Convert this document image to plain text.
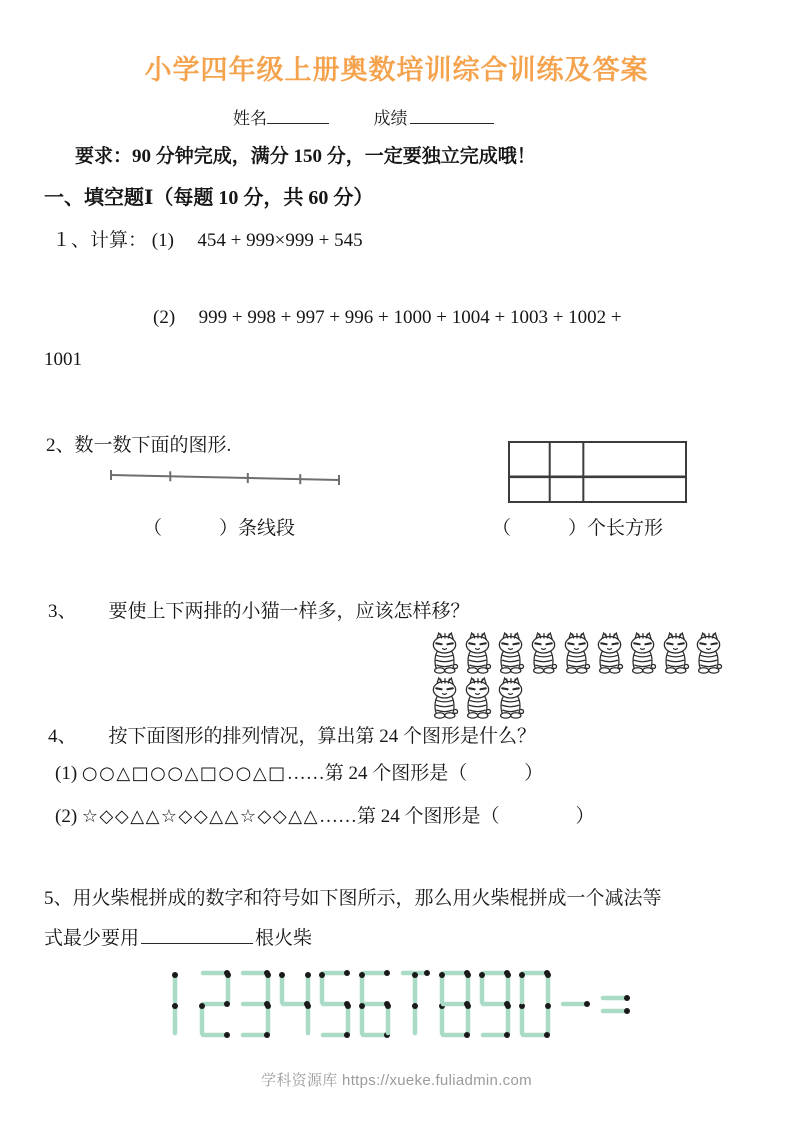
小学四年级上册奥数培训综合训练及答案
姓名	成绩
要求：90 分钟完成，满分 150 分，一定要独立完成哦！
一、填空题Ⅰ（每题 10 分，共 60 分）
１、计算： (1) 454 + 999×999 + 545
(2) 999 + 998 + 997 + 996 + 1000 + 1004 + 1003 + 1002 +
1001
2、数一数下面的图形.
（　　　）条线段	（　　　）个长方形
3、 要使上下两排的小猫一样多，应该怎样移？
4、 按下面图形的排列情况，算出第 24 个图形是什么？
(1) ○○△□○○△□○○△□……第 24 个图形是（　　　）
(2) ☆◇◇△△☆◇◇△△☆◇◇△△……第 24 个图形是（　　　　）
5、用火柴棍拼成的数字和符号如下图所示，那么用火柴棍拼成一个减法等
式最少要用	根火柴
学科资源库 https://xueke.fuliadmin.com
